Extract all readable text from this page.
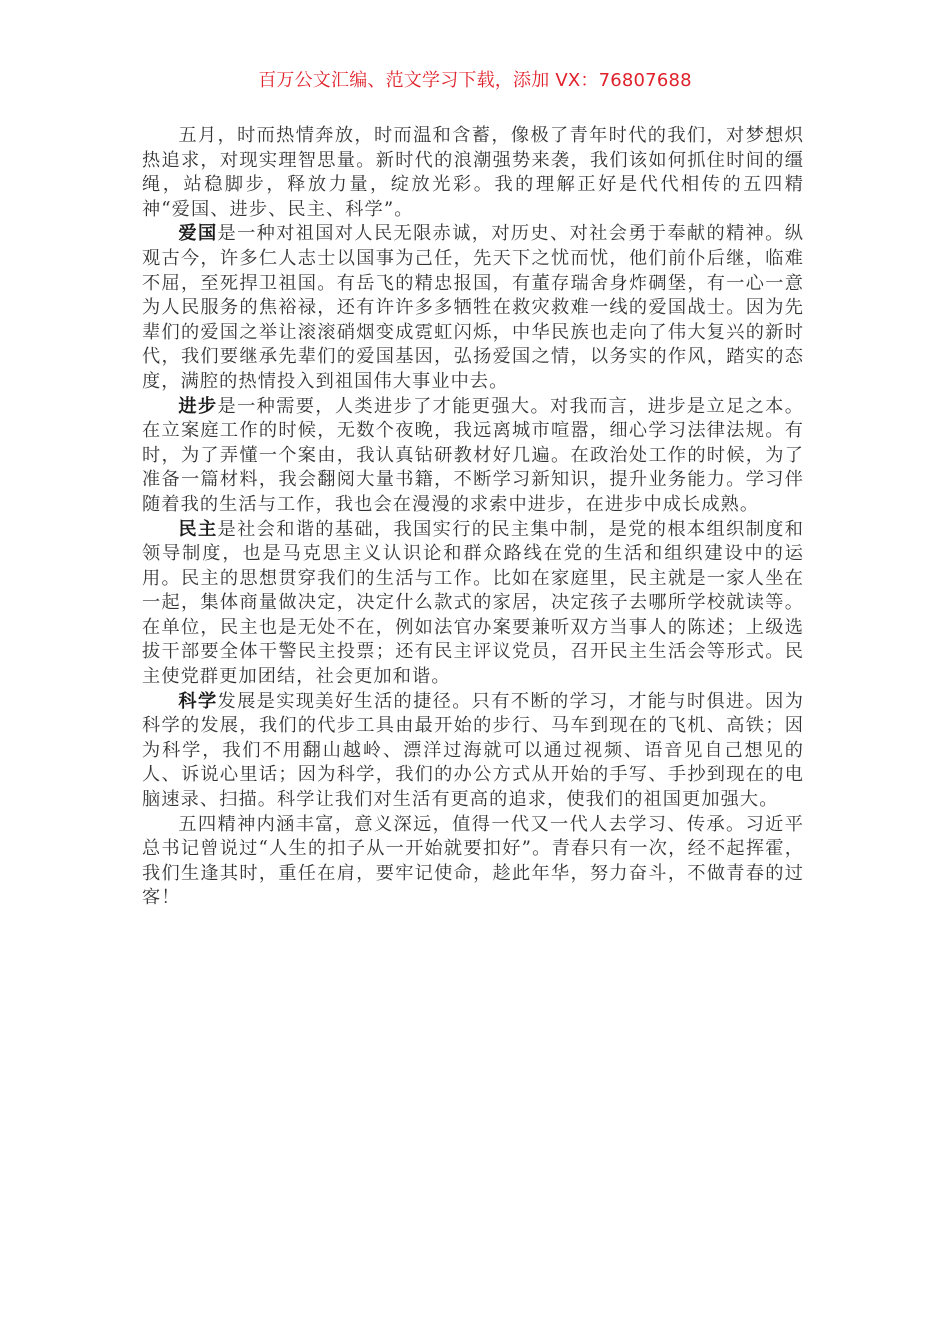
百万公文汇编、范文学习下载，添加 VX：76807688

五月，时而热情奔放，时而温和含蓄，像极了青年时代的我们，对梦想炽热追求，对现实理智思量。新时代的浪潮强势来袭，我们该如何抓住时间的缰绳，站稳脚步，释放力量，绽放光彩。我的理解正好是代代相传的五四精神“爱国、进步、民主、科学”。

爱国是一种对祖国对人民无限赤诚，对历史、对社会勇于奉献的精神。纵观古今，许多仁人志士以国事为己任，先天下之忧而忧，他们前仆后继，临难不屈，至死捍卫祖国。有岳飞的精忠报国，有董存瑞舍身炸碉堡，有一心一意为人民服务的焦裕禄，还有许许多多牺牲在救灾救难一线的爱国战士。因为先辈们的爱国之举让滚滚硝烟变成霓虹闪烁，中华民族也走向了伟大复兴的新时代，我们要继承先辈们的爱国基因，弘扬爱国之情，以务实的作风，踏实的态度，满腔的热情投入到祖国伟大事业中去。

进步是一种需要，人类进步了才能更强大。对我而言，进步是立足之本。在立案庭工作的时候，无数个夜晚，我远离城市喧嚣，细心学习法律法规。有时，为了弄懂一个案由，我认真钻研教材好几遍。在政治处工作的时候，为了准备一篇材料，我会翻阅大量书籍，不断学习新知识，提升业务能力。学习伴随着我的生活与工作，我也会在漫漫的求索中进步，在进步中成长成熟。

民主是社会和谐的基础，我国实行的民主集中制，是党的根本组织制度和领导制度，也是马克思主义认识论和群众路线在党的生活和组织建设中的运用。民主的思想贯穿我们的生活与工作。比如在家庭里，民主就是一家人坐在一起，集体商量做决定，决定什么款式的家居，决定孩子去哪所学校就读等。在单位，民主也是无处不在，例如法官办案要兼听双方当事人的陈述；上级选拔干部要全体干警民主投票；还有民主评议党员，召开民主生活会等形式。民主使党群更加团结，社会更加和谐。

科学发展是实现美好生活的捷径。只有不断的学习，才能与时俱进。因为科学的发展，我们的代步工具由最开始的步行、马车到现在的飞机、高铁；因为科学，我们不用翻山越岭、漂洋过海就可以通过视频、语音见自己想见的人、诉说心里话；因为科学，我们的办公方式从开始的手写、手抄到现在的电脑速录、扫描。科学让我们对生活有更高的追求，使我们的祖国更加强大。

五四精神内涵丰富，意义深远，值得一代又一代人去学习、传承。习近平总书记曾说过“人生的扣子从一开始就要扣好”。青春只有一次，经不起挥霍，我们生逢其时，重任在肩，要牢记使命，趁此年华，努力奋斗，不做青春的过客！
